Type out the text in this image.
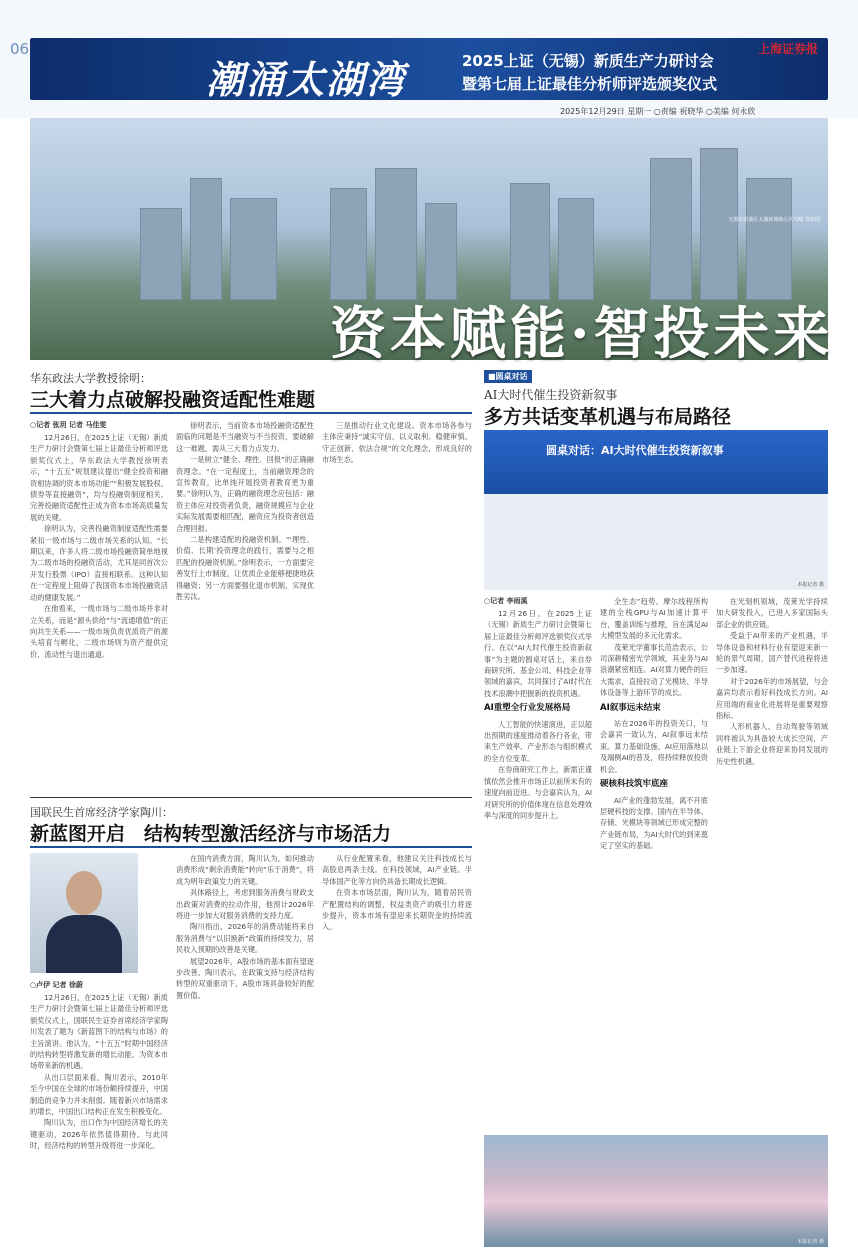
06
潮涌太湖湾	2025上证（无锡）新质生产力研讨会
暨第七届上证最佳分析师评选颁奖仪式
上海证券报
2025年12月29日 星期一 ○责编 祝晓华 ○美编 何永欣
无锡市滨湖区太湖新城核心区鸟瞰 资料图
资本赋能·智投未来
华东政法大学教授徐明：
三大着力点破解投融资适配性难题
○记者 张玥 记者 马佳雯

12月26日，在2025上证（无锡）新质生产力研讨会暨第七届上证最佳分析师评选颁奖仪式上，华东政法大学教授徐明表示，“十五五”规划建议提出“健全投资和融资相协调的资本市场功能”“积极发展股权、债券等直接融资”，均与投融资制度相关。完善投融资适配性正成为资本市场高质量发展的关键。

徐明认为，完善投融资制度适配性需要紧扣一级市场与二级市场关系的认知。“长期以来，许多人将二级市场投融资简单地视为二级市场的投融资活动，尤其是同首次公开发行股票（IPO）直接相联系。这种认知在一定程度上阻碍了我国资本市场投融资活动的健康发展。”

在他看来，一级市场与二级市场并非对立关系，而是“源头供给”与“流通增值”的正向共生关系——一级市场负责优质资产的源头培育与孵化，二级市场则为资产提供定价、流动性与退出通道。

徐明表示，当前资本市场投融资适配性面临的问题是不当融资与不当投资，要破解这一难题，需从三大着力点发力。

一是树立“健全、理性、回报”的正确融资理念。“在一定程度上，当前融资理念的宣传教育，比单纯开展投资者教育更为重要。”徐明认为，正确的融资理念应包括：融资主体应对投资者负责，融资规模应与企业实际发展需要相匹配，融资应为投资者创造合理回报。

二是构建适配的投融资机制。“‘理性、价值、长期’投资理念的践行，需要与之相匹配的投融资机制。”徐明表示，一方面要完善发行上市制度，让优质企业能够便捷地获得融资；另一方面要强化退市机制，实现优胜劣汰。

三是推动行业文化建设。资本市场各参与主体应秉持“诚实守信、以义取利、稳健审慎、守正创新、依法合规”的文化理念，形成良好的市场生态。

■圆桌对话
AI大时代催生投资新叙事
多方共话变革机遇与布局路径
圆桌对话：AI大时代催生投资新叙事
本报记者 摄
○记者 李雨溪

12月26日，在2025上证（无锡）新质生产力研讨会暨第七届上证最佳分析师评选颁奖仪式举行。在以“AI大时代催生投资新叙事”为主题的圆桌对话上，来自券商研究所、基金公司、科技企业等领域的嘉宾，共同探讨了AI时代在技术浪潮中把握新的投资机遇。

AI重塑全行业发展格局

人工智能的快速演进，正以超出预期的速度推动着各行各业，带来生产效率、产业形态与组织模式的全方位变革。

在券商研究工作上，新需正谨慎依然会推开市场正以前所未有的速度向前迈进。与会嘉宾认为，AI对研究所的价值体现在信息处理效率与深度的同步提升上。

全生态”趋势。摩尔线程所构建的全栈GPU与AI加速计算平台，覆盖训练与推理，旨在满足AI大模型发展的多元化需求。

茂莱光学董事长范浩表示，公司深耕精密光学领域，其业务与AI浪潮紧密相连。AI对算力硬件的巨大需求，直接拉动了光模块、半导体设备等上游环节的成长。

AI叙事远未结束

站在2026年的投资关口，与会嘉宾一致认为，AI叙事远未结束。算力基础设施、AI应用落地以及端侧AI的普及，将持续释放投资机会。

硬核科技筑牢底座

AI产业的蓬勃发展，离不开底层硬科技的支撑。国内在半导体、存储、光模块等领域已形成完整的产业链布局，为AI大时代的到来奠定了坚实的基础。

在光刻机领域，茂莱光学持续加大研发投入，已进入多家国际头部企业的供应链。

受益于AI带来的产业机遇，半导体设备和材料行业有望迎来新一轮的景气周期，国产替代进程将进一步加速。

对于2026年的市场展望，与会嘉宾均表示看好科技成长方向。AI应用端的商业化进展将是重要观察指标。

人形机器人、自动驾驶等领域同样被认为具备较大成长空间，产业链上下游企业将迎来协同发展的历史性机遇。

国联民生首席经济学家陶川：
新蓝图开启　结构转型激活经济与市场活力
○卢伊 记者 徐蔚

12月26日，在2025上证（无锡）新质生产力研讨会暨第七届上证最佳分析师评选颁奖仪式上，国联民生证券首席经济学家陶川发表了题为《新蓝图下的结构与市场》的主旨演讲。他认为，“十五五”时期中国经济的结构转型将激发新的增长动能，为资本市场带来新的机遇。

从出口层面来看，陶川表示，2010年至今中国在全球的市场份额持续提升，中国制造的竞争力并未削弱。随着新兴市场需求的增长，中国出口结构正在发生积极变化。

陶川认为，出口作为中国经济增长的关键驱动，2026年依然值得期待。与此同时，经济结构的转型升级将进一步深化。

在国内消费方面，陶川认为，如何推动消费形成“剩余消费能”转向“乐于消费”，将成为明年政策发力的关键。

具体路径上，考虑到服务消费与财政支出政策对消费的拉动作用，他预计2026年将进一步加大对服务消费的支持力度。

陶川指出，2026年的消费动能将来自服务消费与“以旧换新”政策的持续发力，居民收入预期的改善是关键。

展望2026年，A股市场的基本面有望逐步改善。陶川表示，在政策支持与经济结构转型的双重驱动下，A股市场具备较好的配置价值。

从行业配置来看，他建议关注科技成长与高股息两条主线。在科技领域，AI产业链、半导体国产化等方向仍具备长期成长逻辑。

在资本市场层面，陶川认为，随着居民资产配置结构的调整，权益类资产的吸引力将逐步提升，资本市场有望迎来长期资金的持续流入。

本报记者 摄
